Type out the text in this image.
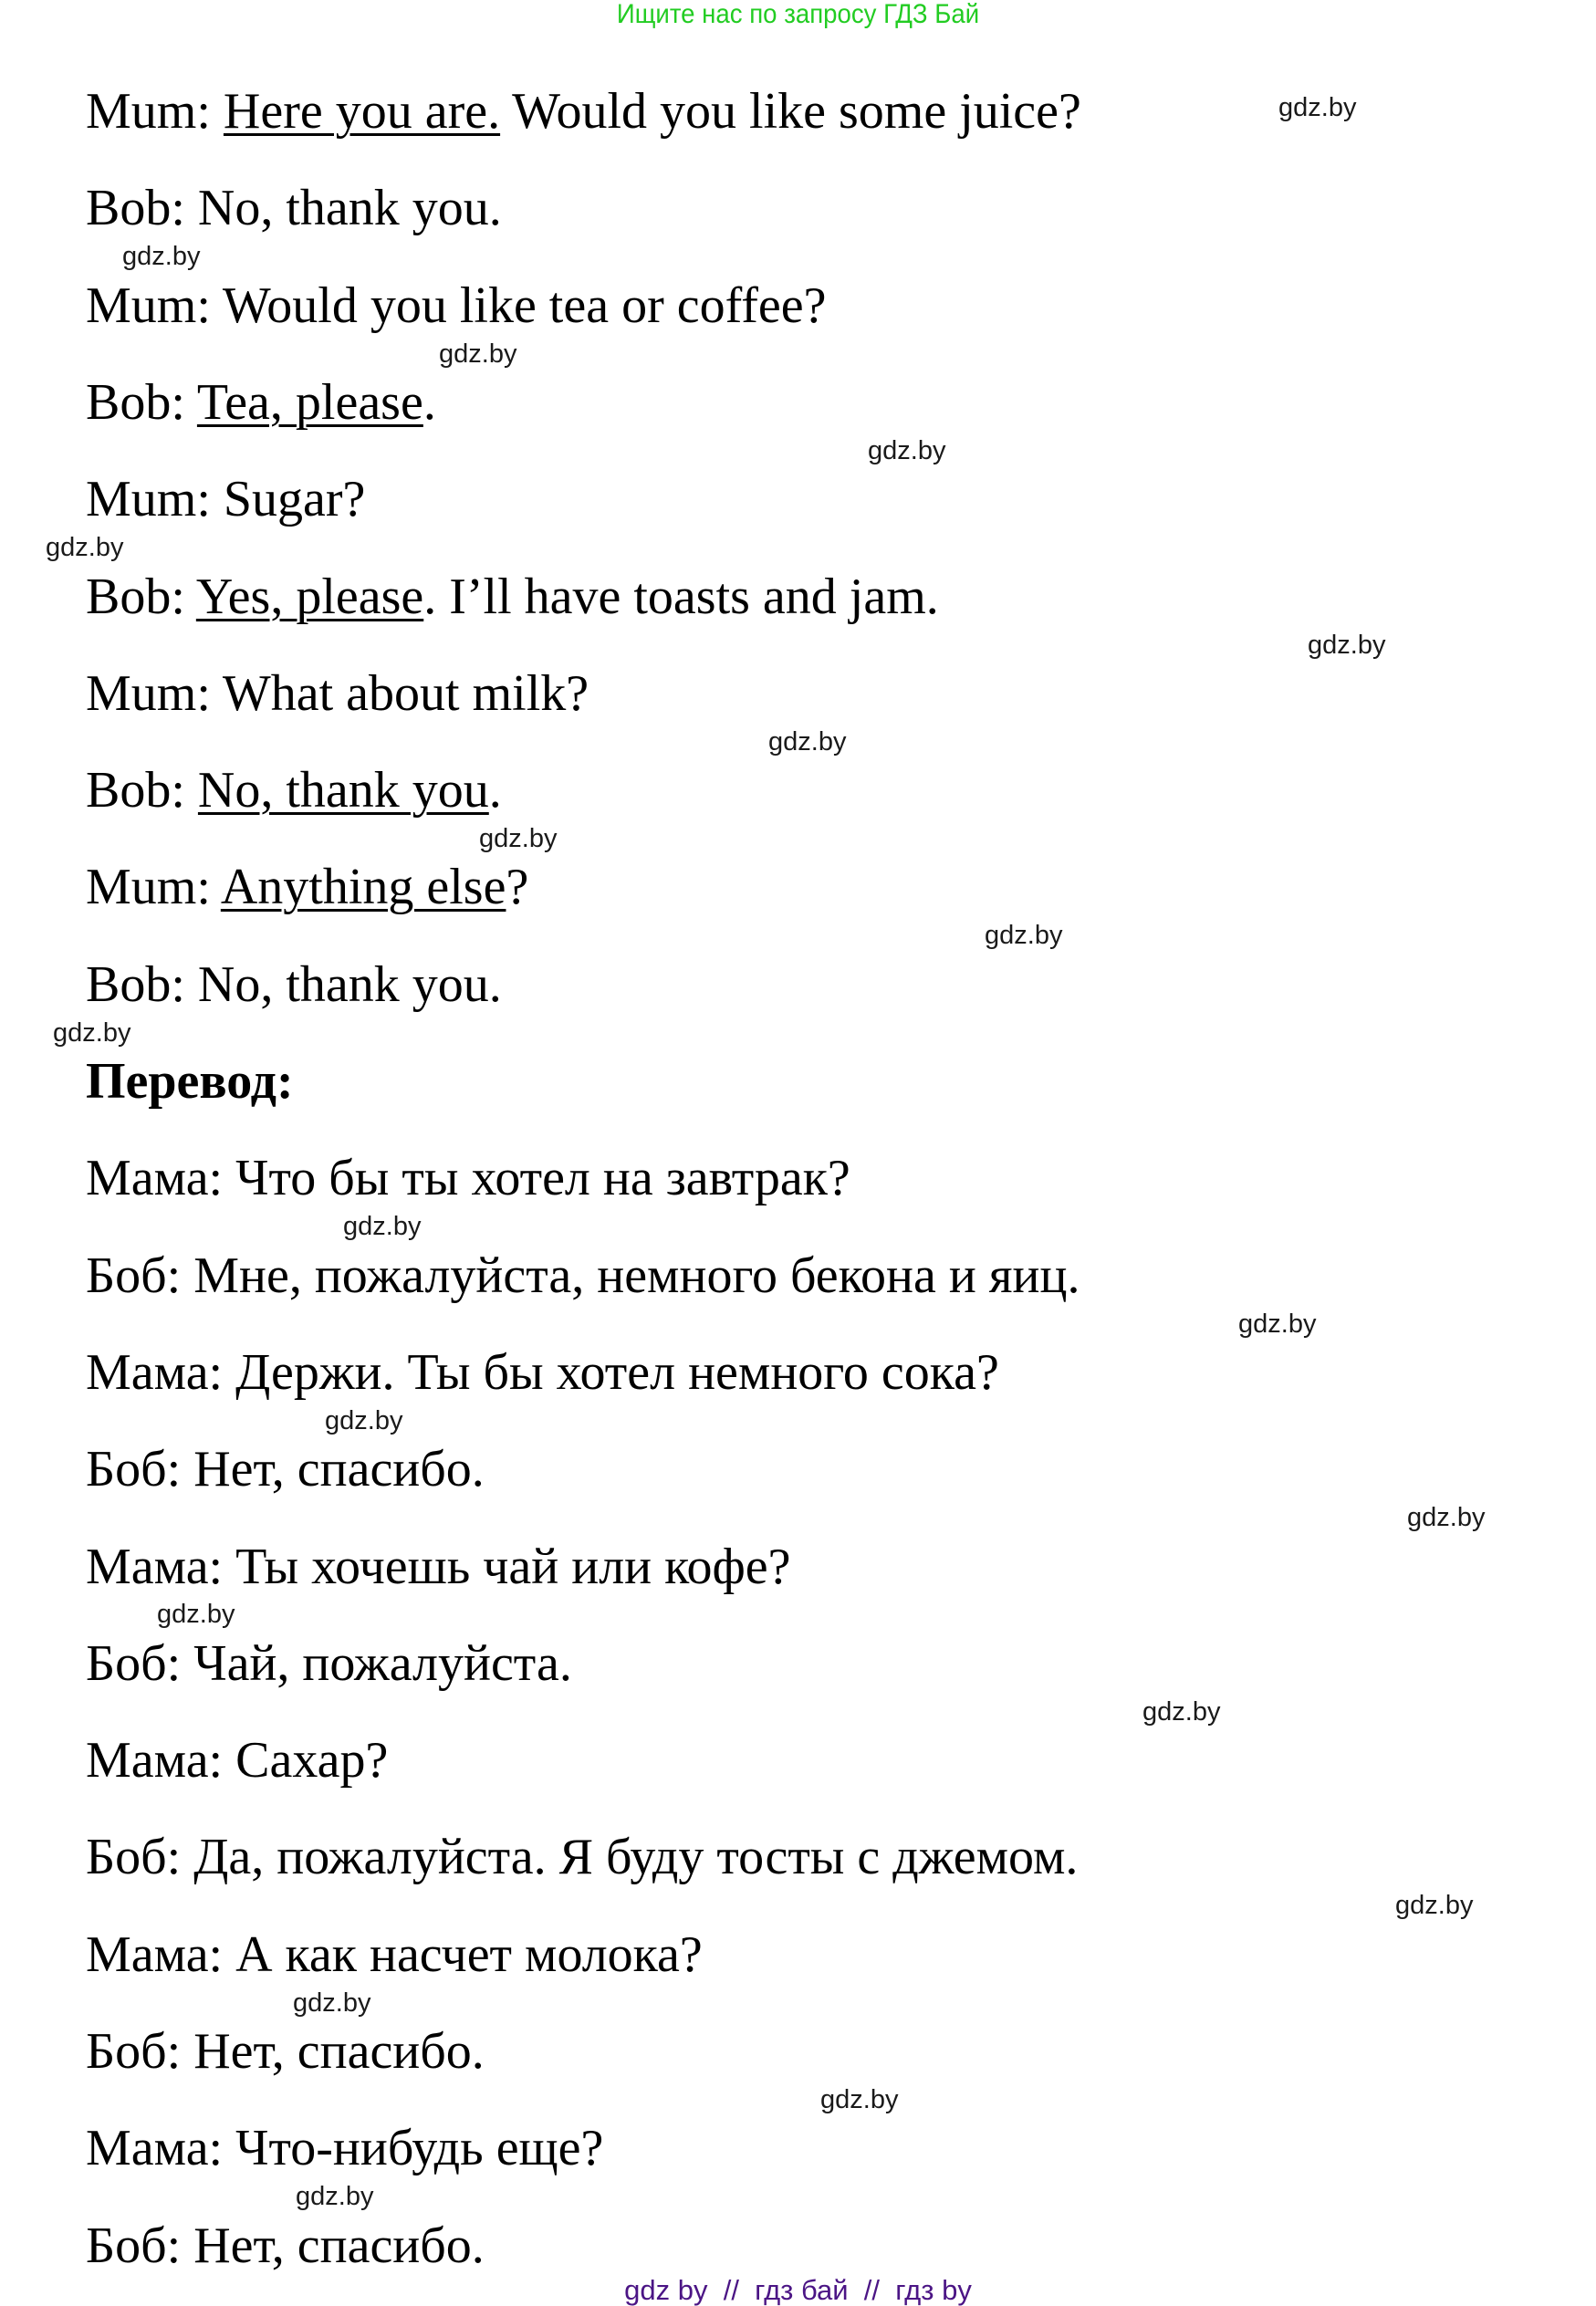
Ищите нас по запросу ГДЗ Бай
Mum: Here you are. Would you like some juice?
Bob: No, thank you.
Mum: Would you like tea or coffee?
Bob: Tea, please.
Mum: Sugar?
Bob: Yes, please. I’ll have toasts and jam.
Mum: What about milk?
Bob: No, thank you.
Mum: Anything else?
Bob: No, thank you.
Перевод:
Мама: Что бы ты хотел на завтрак?
Боб: Мне, пожалуйста, немного бекона и яиц.
Мама: Держи. Ты бы хотел немного сока?
Боб: Нет, спасибо.
Мама: Ты хочешь чай или кофе?
Боб: Чай, пожалуйста.
Мама: Сахар?
Боб: Да, пожалуйста. Я буду тосты с джемом.
Мама: А как насчет молока?
Боб: Нет, спасибо.
Мама: Что-нибудь еще?
Боб: Нет, спасибо.
gdz.by
gdz.by
gdz.by
gdz.by
gdz.by
gdz.by
gdz.by
gdz.by
gdz.by
gdz.by
gdz.by
gdz.by
gdz.by
gdz.by
gdz.by
gdz.by
gdz.by
gdz.by
gdz.by
gdz.by
gdz by  //  гдз бай  //  гдз by
